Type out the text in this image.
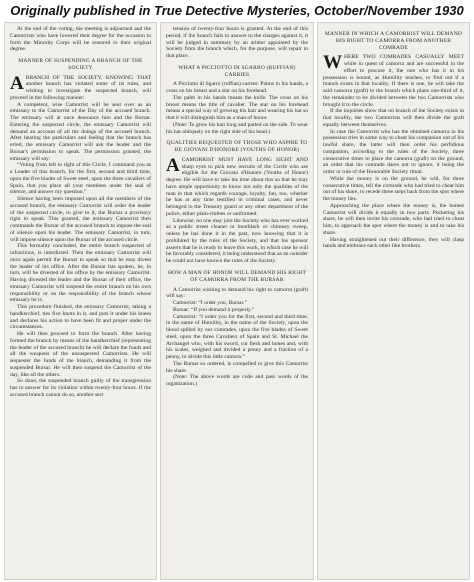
Originally published in True Detective Mysteries, October/November 1930

At the end of the voting, the meeting is adjourned and the Camorrists who have lowered their degree for the occasion to form the Minority Corps will be restored to their original degree.

MANNER OF SUSPENDING A BRANCH OF THE SOCIETY

ABRANCH of the Society, knowing that another branch has violated some of its rules, and wishing to investigate the suspected branch, will proceed in the following manner:

A competent, wise Camorrist will be sent over as an emissary to the Camorrist of the Day of the accused branch. The emissary will at once denounce him and the Bursar. Entering the suspected circle, the emissary Camorrist will demand an account of all the doings of the accused branch. After hearing the particulars and feeling that the branch has erred, the emissary Camorrist will ask the leader and the Bursar's permission to speak. The permission granted, the emissary will say:

“Voting from left to right of this Circle, I command you as a Leader of this branch, for the first, second and third time, upon the five blades of Sweet steel, upon the three cavaliers of Spain, that you place all your members under the seal of silence, and answer my question.”

Silence having been imposed upon all the members of the accused branch, the emissary Camorrist will order the leader of the suspected circle, to give to it, the Bursar a provisory right to speak. This granted, the emissary Camorrist then commands the Bursar of the accused branch to impose the seal of silence upon his leader. The emissary Camorrist, in turn, will impose silence upon the Bursar of the accused circle.

This formality concluded, the entire branch suspected of infractions, is interdicted. Then the emissary Camorrist will once again permit the Bursar to speak so that he may divest the leader of his office. After the Bursar has spoken, he, in turn, will be divested of his office by the emissary Camorrist. Having divested the leader and the Bursar of their office, the emissary Camorrist will suspend the entire branch on his own responsibility or on the responsibility of the branch whose emissary he is.

This procedure finished, the emissary Camorrist, taking a handkerchief, ties five knots in it, and puts it under his knees and declares his action to have been fit and proper under the circumstances.

He will then proceed to form the branch. After having formed the branch by means of the handkerchief (representing the leader of the accused branch) he will declare the funds and all the weapons of the unsuspected Camorrists. He will sequester the funds of the branch, demanding it from the suspended Bursar. He will then suspend the Camorrist of the day, like all the others.

So done, the suspended branch guilty of the transgression has to answer for its violation within twenty-four hours. If the accused branch cannot do so, another sect

tension of twenty-four hours is granted. At the end of this period, if the branch fails to answer to the charges against it, it will be judged in summary by an arbiter appointed by the Society from the branch which, for the purpose, will repair to that place.

WHAT A PICCIOTTO DI SGARRO (RUFFIAN) CARRIES

A Picciotto di Sgarro (ruffian) carries: Palms in his hands, a cross on his breast and a star on his forehead.

The palm in his hands means the knife. The cross on his breast means the title of cavalier. The star on his forehead means a special way of growing his hair and wearing his hat so that it will distinguish him as a man of honor.

(Note: To grow his hair long and parted on the side. To wear his hat obliquely on the right side of his head.)

QUALITIES REQUESTED OF THOSE WHO ASPIRE TO BE GIOVANI D'HONORE (YOUTHS OF HONOR)

ACAMORRIST must have long sight and sharp eyes to pick new recruits of the Circle who are eligible for the Giovani d'Honore (Youths of Honor) degree. He will have to take his time about this so that he may have ample opportunity to know not only the qualities of the man in that which regards courage, loyalty, fun, too, whether he has at any time testified in criminal cases, and never belonged to the Treasury guard or any other department of the police, either plain-clothes or uniformed.

Likewise, no one may join the Society who has ever worked as a public street cleaner or bootblack or chimney sweep, unless he has done it in the past, now knowing that it is prohibited by the rules of the Society, and that his sponsor asserts that he is ready to leave this work, in which case he will be favorably considered, it being understood that as an outsider he could not have known the rules of the Society.

HOW A MAN OF HONOR WILL DEMAND HIS RIGHT OF CAMORRA FROM THE BURSAR

A Camorrist wishing to demand his right to camorra (graft) will say:

Camorrist: “I order you, Bursar.”

Bursar: “If you demand it properly.”

Camorrist: “I order you for the first, second and third time, in the name of Humility, in the name of the Society, upon the blood spilled by our comrades, upon the five blades of Sweet steel, upon the three Cavaliers of Spain and St. Michael the Archangel who, with his sword, cut flesh and bones and, with his scales, weighed and divided a penny and a fraction of a penny, to divide this little camora.”

The Bursar so ordered, is compelled to give this Camorrist his share.

(Note: The above words are code and pass words of the organization.)

MANNER IN WHICH A CAMORRIST WILL DEMAND HIS RIGHT TO CAMORRA FROM ANOTHER COMRADE

WHERE two comrades casually meet while in quest of camorra and are successful in the effort to procure it, the one who has it in his possession is bound, as Humility teaches, to find out if a branch exists in that locality. If there is one, he will take the said camorra (graft) to the branch which plans one-third of it, the remainder to be divided between the two Camorrists who brought it to the circle.

If the inquiries show that no branch of the Society exists in that locality, the two Camorrists will then divide the graft equally between themselves.

In case the Camorrist who has the obtained camorra in his possession tries in some way to cheat his companion out of his lawful share, the latter will then order his perfidious companion, according to the rules of the Society, three consecutive times to place the camorra (graft) on the ground, an order that his comrade dares not to ignore, it being the order or rule of the Honorable Society ritual.

While the money is on the ground, he will, for three consecutive times, tell the comrade who had tried to cheat him out of his share, to recede three steps back from the spot where the money lies.

Approaching the place where the money is, the honest Camorrist will divide it equally in two parts. Pocketing his share, he will then invite his comrade, who had tried to cheat him, to approach the spot where the money is and to take his share.

Having straightened out their difference, they will clasp hands and embrace each other like brothers.
